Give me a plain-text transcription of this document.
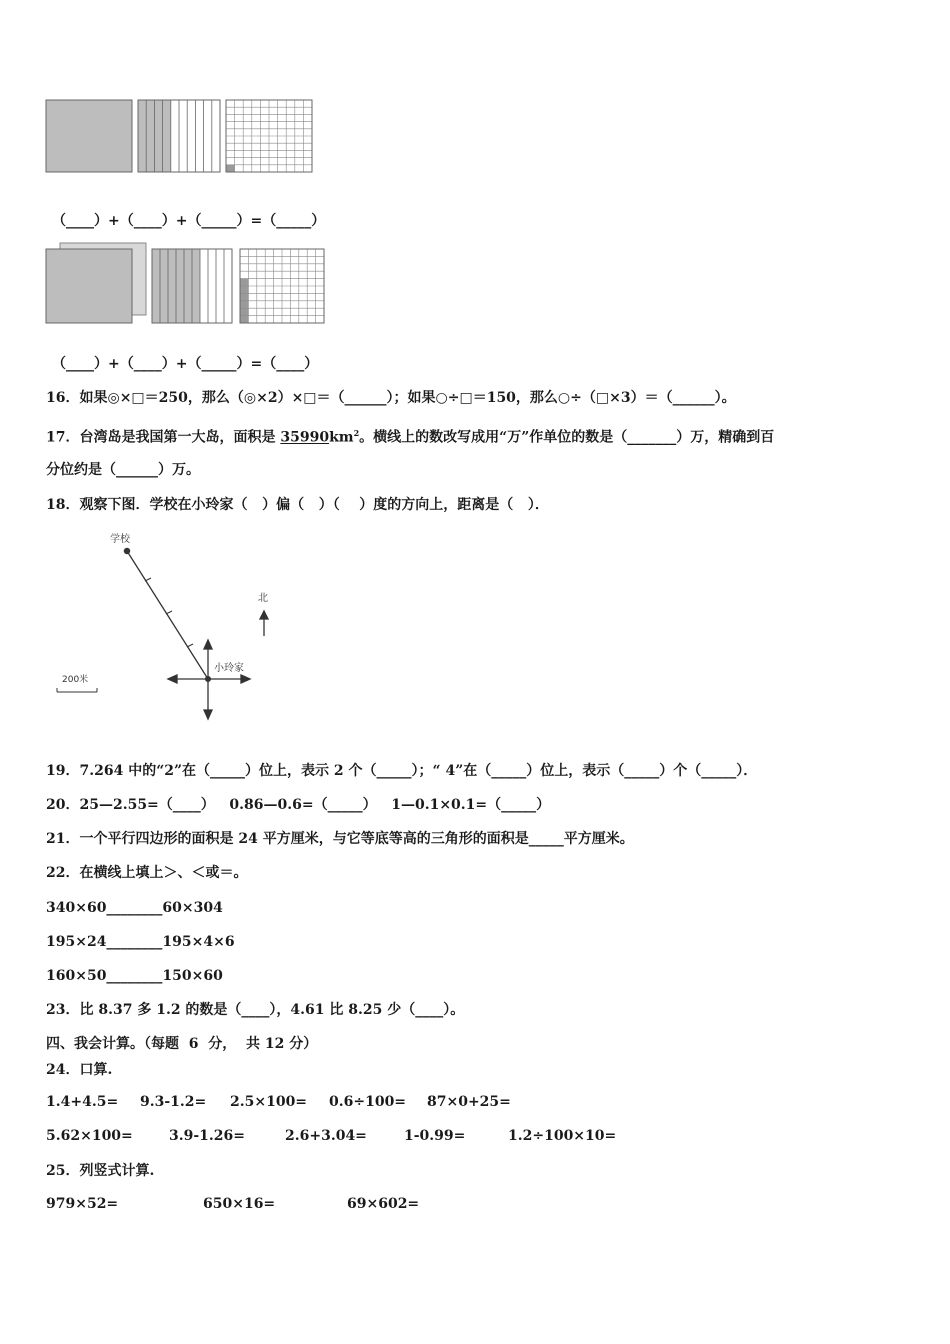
（____）+（____）+（_____）=（_____）
（____）+（____）+（_____）=（____）
16．如果◎×□＝250，那么（◎×2）×□＝（______）；如果○÷□＝150，那么○÷（□×3）＝（______）。
17．台湾岛是我国第一大岛，面积是 $35990km^2$。横线上的数改写成用“万”作单位的数是（_______）万，精确到百
分位约是（______）万。
18．观察下图．学校在小玲家（   ）偏（   ）（    ）度的方向上，距离是（   ）．
学校
北
小玲家
200米
19．7.264 中的“2”在（_____）位上，表示 2 个（_____）；“ 4”在（_____）位上，表示（_____）个（_____）．
20．25—2.55=（____）   0.86—0.6=（_____）   1—0.1×0.1=（_____）
21．一个平行四边形的面积是 24 平方厘米，与它等底等高的三角形的面积是_____平方厘米。
22．在横线上填上＞、＜或＝。
340×60________60×304
195×24________195×4×6
160×50________150×60
23．比 8.37 多 1.2 的数是（____），4.61 比 8.25 少（____）。
四、我会计算。（每题  6  分，  共 12 分）
24．口算.
1.4+4.5= 9.3-1.2= 2.5×100= 0.6÷100= 87×0+25=
5.62×100=	3.9-1.26=	2.6+3.04=	1-0.99=	1.2÷100×10=
25．列竖式计算.
979×52=	650×16=	69×602=
